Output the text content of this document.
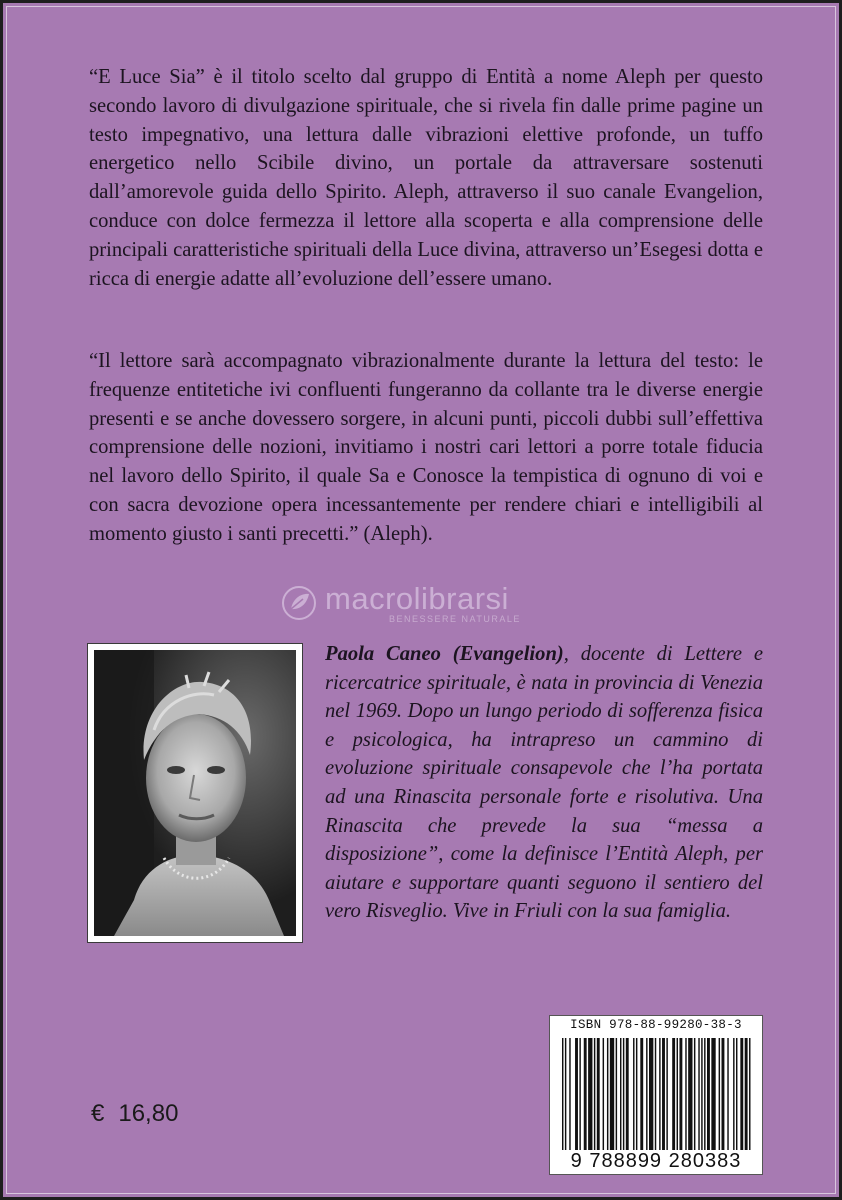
“E Luce Sia” è il titolo scelto dal gruppo di Entità a nome Aleph per questo secondo lavoro di divulgazione spirituale, che si rivela fin dalle prime pagine un testo impegnativo, una lettura dalle vibrazioni elettive profonde, un tuffo energetico nello Scibile divino, un portale da attraversare sostenuti dall’amorevole guida dello Spirito. Aleph, attraverso il suo canale Evangelion, conduce con dolce fermezza il lettore alla scoperta e alla comprensione delle principali caratteristiche spirituali della Luce divina, attraverso un’Esegesi dotta e ricca di energie adatte all’evoluzione dell’essere umano.

“Il lettore sarà accompagnato vibrazionalmente durante la lettura del testo: le frequenze entitetiche ivi confluenti fungeranno da collante tra le diverse energie presenti e se anche dovessero sorgere, in alcuni punti, piccoli dubbi sull’effettiva comprensione delle nozioni, invitiamo i nostri cari lettori a porre totale fiducia nel lavoro dello Spirito, il quale Sa e Conosce la tempistica di ognuno di voi e con sacra devozione opera incessantemente per rendere chiari e intelligibili al momento giusto i santi precetti.” (Aleph).

macrolibrarsi
BENESSERE NATURALE

Paola Caneo (Evangelion), docente di Lettere e ricercatrice spirituale, è nata in provincia di Venezia nel 1969. Dopo un lungo periodo di sofferenza fisica e psicologica, ha intrapreso un cammino di evoluzione spirituale consapevole che l’ha portata ad una Rinascita personale forte e risolutiva. Una Rinascita che prevede la sua “messa a disposizione”, come la definisce l’Entità Aleph, per aiutare e supportare quanti seguono il sentiero del vero Risveglio. Vive in Friuli con la sua famiglia.

€ 16,80

ISBN 978-88-99280-38-3
9 788899 280383
